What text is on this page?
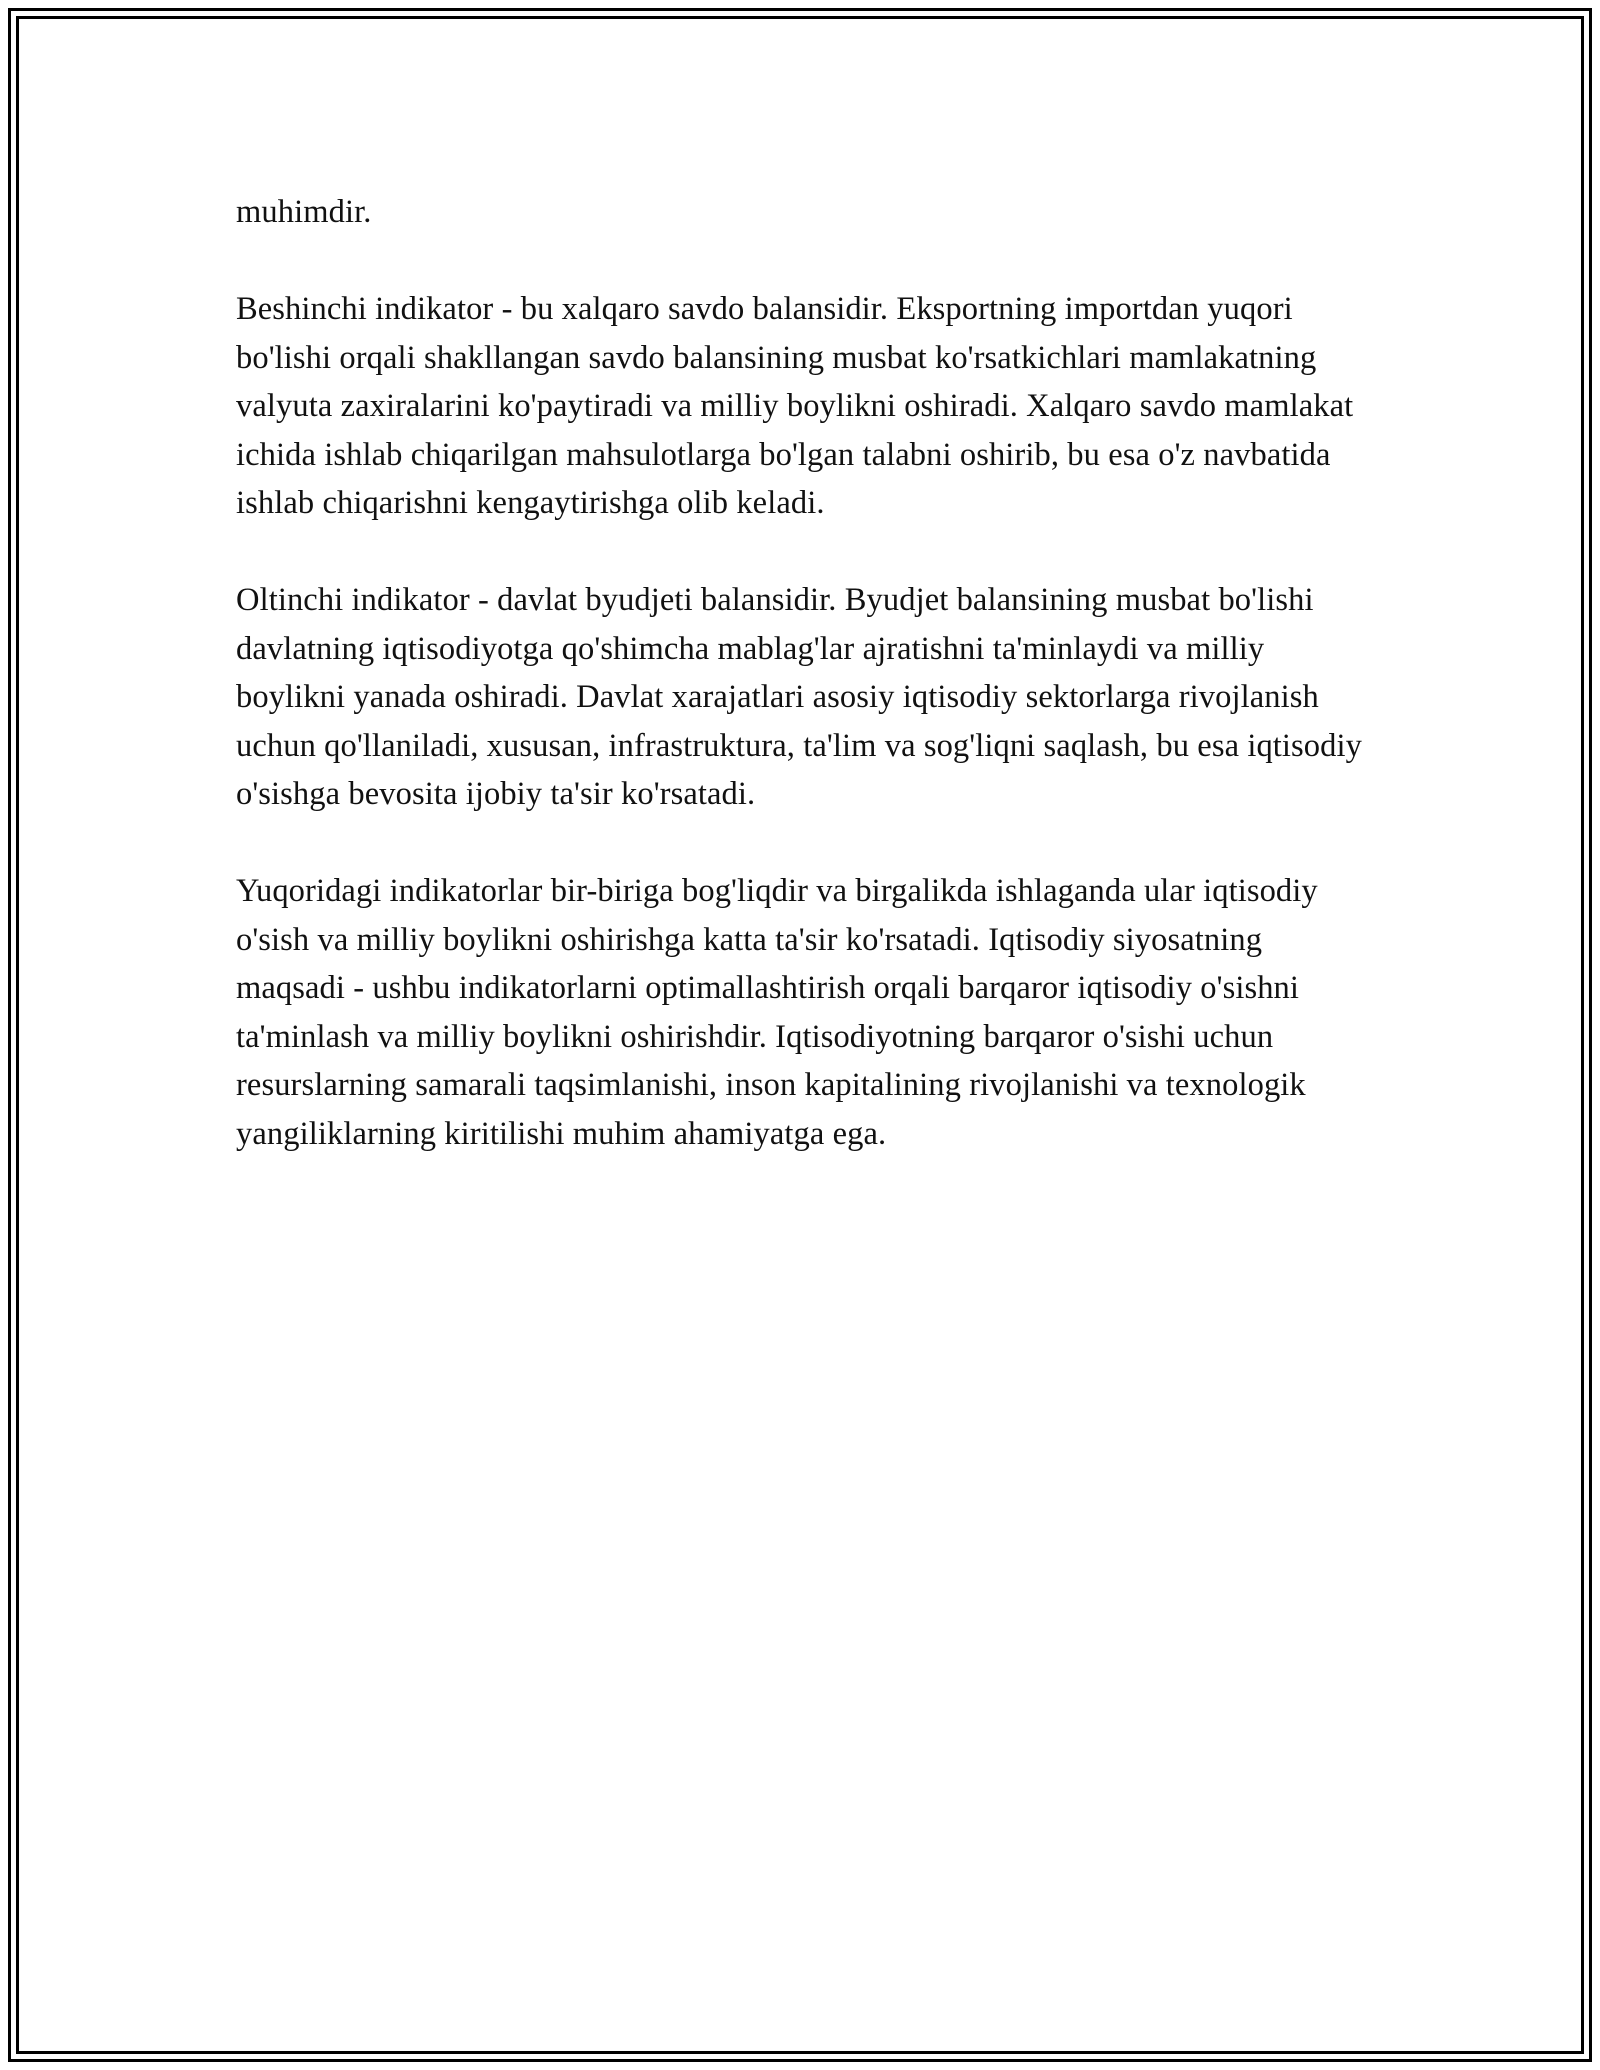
muhimdir.

Beshinchi indikator - bu xalqaro savdo balansidir. Eksportning importdan yuqori bo'lishi orqali shakllangan savdo balansining musbat ko'rsatkichlari mamlakatning valyuta zaxiralarini ko'paytiradi va milliy boylikni oshiradi. Xalqaro savdo mamlakat ichida ishlab chiqarilgan mahsulotlarga bo'lgan talabni oshirib, bu esa o'z navbatida ishlab chiqarishni kengaytirishga olib keladi.

Oltinchi indikator - davlat byudjeti balansidir. Byudjet balansining musbat bo'lishi davlatning iqtisodiyotga qo'shimcha mablag'lar ajratishni ta'minlaydi va milliy boylikni yanada oshiradi. Davlat xarajatlari asosiy iqtisodiy sektorlarga rivojlanish uchun qo'llaniladi, xususan, infrastruktura, ta'lim va sog'liqni saqlash, bu esa iqtisodiy o'sishga bevosita ijobiy ta'sir ko'rsatadi.

Yuqoridagi indikatorlar bir-biriga bog'liqdir va birgalikda ishlaganda ular iqtisodiy o'sish va milliy boylikni oshirishga katta ta'sir ko'rsatadi. Iqtisodiy siyosatning maqsadi - ushbu indikatorlarni optimallashtirish orqali barqaror iqtisodiy o'sishni ta'minlash va milliy boylikni oshirishdir. Iqtisodiyotning barqaror o'sishi uchun resurslarning samarali taqsimlanishi, inson kapitalining rivojlanishi va texnologik yangiliklarning kiritilishi muhim ahamiyatga ega.
